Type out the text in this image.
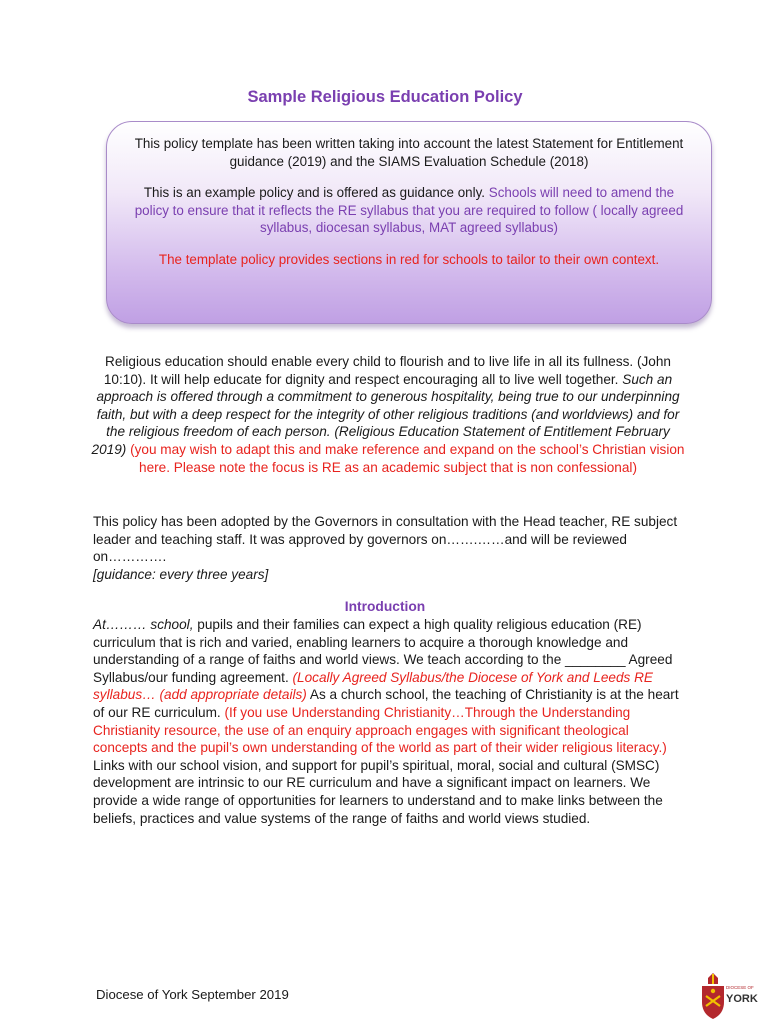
Sample Religious Education Policy

This policy template has been written taking into account the latest Statement for Entitlement guidance (2019) and the SIAMS Evaluation Schedule (2018)

This is an example policy and is offered as guidance only. Schools will need to amend the policy to ensure that it reflects the RE syllabus that you are required to follow ( locally agreed syllabus, diocesan syllabus, MAT agreed syllabus)

The template policy provides sections in red for schools to tailor to their own context.

Religious education should enable every child to flourish and to live life in all its fullness. (John 10:10). It will help educate for dignity and respect encouraging all to live well together. Such an approach is offered through a commitment to generous hospitality, being true to our underpinning faith, but with a deep respect for the integrity of other religious traditions (and worldviews) and for the religious freedom of each person. (Religious Education Statement of Entitlement February 2019) (you may wish to adapt this and make reference and expand on the school’s Christian vision here. Please note the focus is RE as an academic subject that is non confessional)
This policy has been adopted by the Governors in consultation with the Head teacher, RE subject leader and teaching staff. It was approved by governors on…….……and will be reviewed on………….
[guidance: every three years]
Introduction
At……… school, pupils and their families can expect a high quality religious education (RE) curriculum that is rich and varied, enabling learners to acquire a thorough knowledge and understanding of a range of faiths and world views. We teach according to the ________ Agreed Syllabus/our funding agreement. (Locally Agreed Syllabus/the Diocese of York and Leeds RE syllabus… (add appropriate details) As a church school, the teaching of Christianity is at the heart of our RE curriculum. (If you use Understanding Christianity…Through the Understanding Christianity resource, the use of an enquiry approach engages with significant theological concepts and the pupil’s own understanding of the world as part of their wider religious literacy.) Links with our school vision, and support for pupil’s spiritual, moral, social and cultural (SMSC) development are intrinsic to our RE curriculum and have a significant impact on learners. We provide a wide range of opportunities for learners to understand and to make links between the beliefs, practices and value systems of the range of faiths and world views studied.
Diocese of York September 2019	DIOCESE OF
YORK
